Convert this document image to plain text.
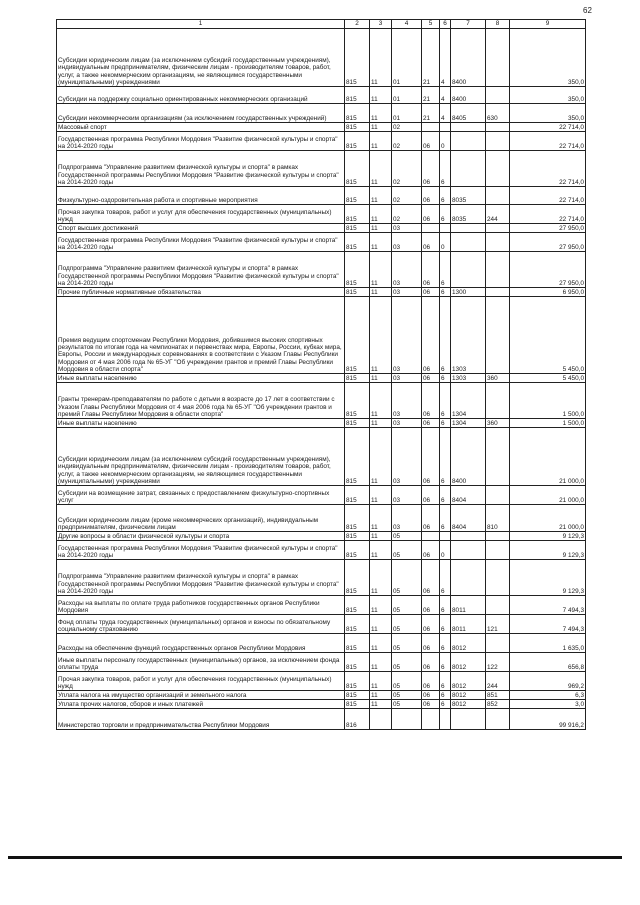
62
1	2	3	4	5	6	7	8	9
Субсидии юридическим лицам (за исключением субсидий государственным учреждениям), индивидуальным предпринимателям, физическим лицам - производителям товаров, работ, услуг, а также некоммерческим организациям, не являющимся государственными (муниципальными) учреждениями	815	11	01	21	4	8400		350,0
Субсидии на поддержку социально ориентированных некоммерческих организаций	815	11	01	21	4	8400		350,0
Субсидии некоммерческим организациям (за исключением государственных учреждений)	815	11	01	21	4	8405	630	350,0
Массовый спорт	815	11	02					22 714,0
Государственная программа Республики Мордовия "Развитие физической культуры и спорта" на 2014-2020 годы	815	11	02	06	0			22 714,0
Подпрограмма "Управление развитием физической культуры и спорта" в рамках Государственной программы Республики Мордовия "Развитие физической культуры и спорта" на 2014-2020 годы	815	11	02	06	6			22 714,0
Физкультурно-оздоровительная работа и спортивные мероприятия	815	11	02	06	6	8035		22 714,0
Прочая закупка товаров, работ и услуг для обеспечения государственных (муниципальных) нужд	815	11	02	06	6	8035	244	22 714,0
Спорт высших достижений	815	11	03					27 950,0
Государственная программа Республики Мордовия "Развитие физической культуры и спорта" на 2014-2020 годы	815	11	03	06	0			27 950,0
Подпрограмма "Управление развитием физической культуры и спорта" в рамках Государственной программы Республики Мордовия "Развитие физической культуры и спорта" на 2014-2020 годы	815	11	03	06	6			27 950,0
Прочие публичные нормативные обязательства	815	11	03	06	6	1300		6 950,0
Премия ведущим спортсменам Республики Мордовия, добившимся высоких спортивных результатов по итогам года на чемпионатах и первенствах мира, Европы, России, кубках мира, Европы, России и международных соревнованиях в соответствии с Указом Главы Республики Мордовия от 4 мая 2006 года № 65-УГ "Об учреждении грантов и премий Главы Республики Мордовия в области спорта"	815	11	03	06	6	1303		5 450,0
Иные выплаты населению	815	11	03	06	6	1303	360	5 450,0
Гранты тренерам-преподавателям по работе с детьми в возрасте до 17 лет в соответствии с Указом Главы Республики Мордовия от 4 мая 2006 года № 65-УГ "Об учреждении грантов и премий Главы Республики Мордовия в области спорта"	815	11	03	06	6	1304		1 500,0
Иные выплаты населению	815	11	03	06	6	1304	360	1 500,0
Субсидии юридическим лицам (за исключением субсидий государственным учреждениям), индивидуальным предпринимателям, физическим лицам - производителям товаров, работ, услуг, а также некоммерческим организациям, не являющимся государственными (муниципальными) учреждениями	815	11	03	06	6	8400		21 000,0
Субсидии на возмещение затрат, связанных с предоставлением физкультурно-спортивных услуг	815	11	03	06	6	8404		21 000,0
Субсидии юридическим лицам (кроме некоммерческих организаций), индивидуальным предпринимателям, физическим лицам	815	11	03	06	6	8404	810	21 000,0
Другие вопросы в области физической культуры и спорта	815	11	05					9 129,3
Государственная программа Республики Мордовия "Развитие физической культуры и спорта" на 2014-2020 годы	815	11	05	06	0			9 129,3
Подпрограмма "Управление развитием физической культуры и спорта" в рамках Государственной программы Республики Мордовия "Развитие физической культуры и спорта" на 2014-2020 годы	815	11	05	06	6			9 129,3
Расходы на выплаты по оплате труда работников государственных органов Республики Мордовия	815	11	05	06	6	8011		7 494,3
Фонд оплаты труда государственных (муниципальных) органов и взносы по обязательному социальному страхованию	815	11	05	06	6	8011	121	7 494,3
Расходы на обеспечение функций государственных органов Республики Мордовия	815	11	05	06	6	8012		1 635,0
Иные выплаты персоналу государственных (муниципальных) органов, за исключением фонда оплаты труда	815	11	05	06	6	8012	122	656,8
Прочая закупка товаров, работ и услуг для обеспечения государственных (муниципальных) нужд	815	11	05	06	6	8012	244	969,2
Уплата налога на имущество организаций и земельного налога	815	11	05	06	6	8012	851	6,3
Уплата прочих налогов, сборов и иных платежей	815	11	05	06	6	8012	852	3,0
Министерство торговли и предпринимательства Республики Мордовия	816							99 916,2
